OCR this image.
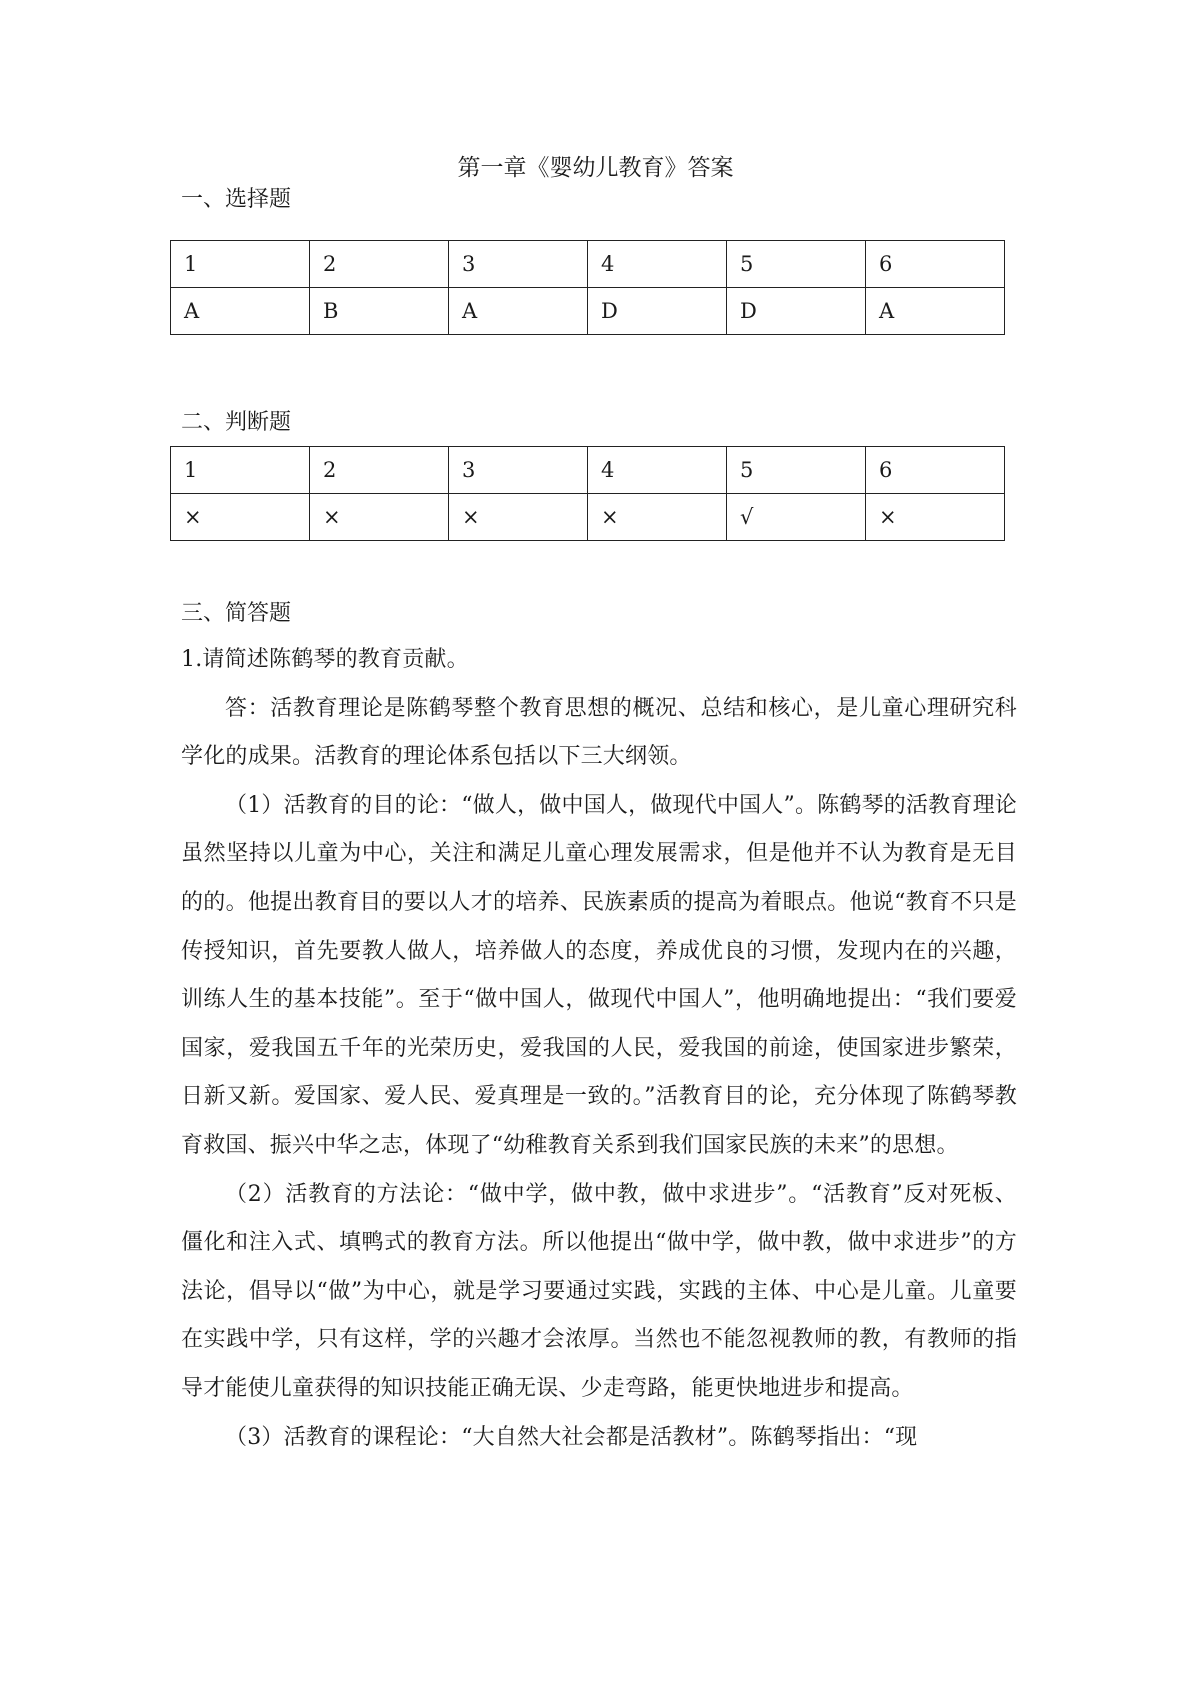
第一章《婴幼儿教育》答案
一、选择题
1	2	3	4	5	6
A	B	A	D	D	A
二、判断题
1	2	3	4	5	6
×	×	×	×	√	×
三、简答题

1.请简述陈鹤琴的教育贡献。

答：活教育理论是陈鹤琴整个教育思想的概况、总结和核心，是儿童心理研究科学化的成果。活教育的理论体系包括以下三大纲领。

（1）活教育的目的论：“做人，做中国人，做现代中国人”。陈鹤琴的活教育理论虽然坚持以儿童为中心，关注和满足儿童心理发展需求，但是他并不认为教育是无目的的。他提出教育目的要以人才的培养、民族素质的提高为着眼点。他说“教育不只是传授知识，首先要教人做人，培养做人的态度，养成优良的习惯，发现内在的兴趣，训练人生的基本技能”。至于“做中国人，做现代中国人”，他明确地提出：“我们要爱国家，爱我国五千年的光荣历史，爱我国的人民，爱我国的前途，使国家进步繁荣，日新又新。爱国家、爱人民、爱真理是一致的。”活教育目的论，充分体现了陈鹤琴教育救国、振兴中华之志，体现了“幼稚教育关系到我们国家民族的未来”的思想。

（2）活教育的方法论：“做中学，做中教，做中求进步”。“活教育”反对死板、僵化和注入式、填鸭式的教育方法。所以他提出“做中学，做中教，做中求进步”的方法论，倡导以“做”为中心，就是学习要通过实践，实践的主体、中心是儿童。儿童要在实践中学，只有这样，学的兴趣才会浓厚。当然也不能忽视教师的教，有教师的指导才能使儿童获得的知识技能正确无误、少走弯路，能更快地进步和提高。

（3）活教育的课程论：“大自然大社会都是活教材”。陈鹤琴指出：“现
